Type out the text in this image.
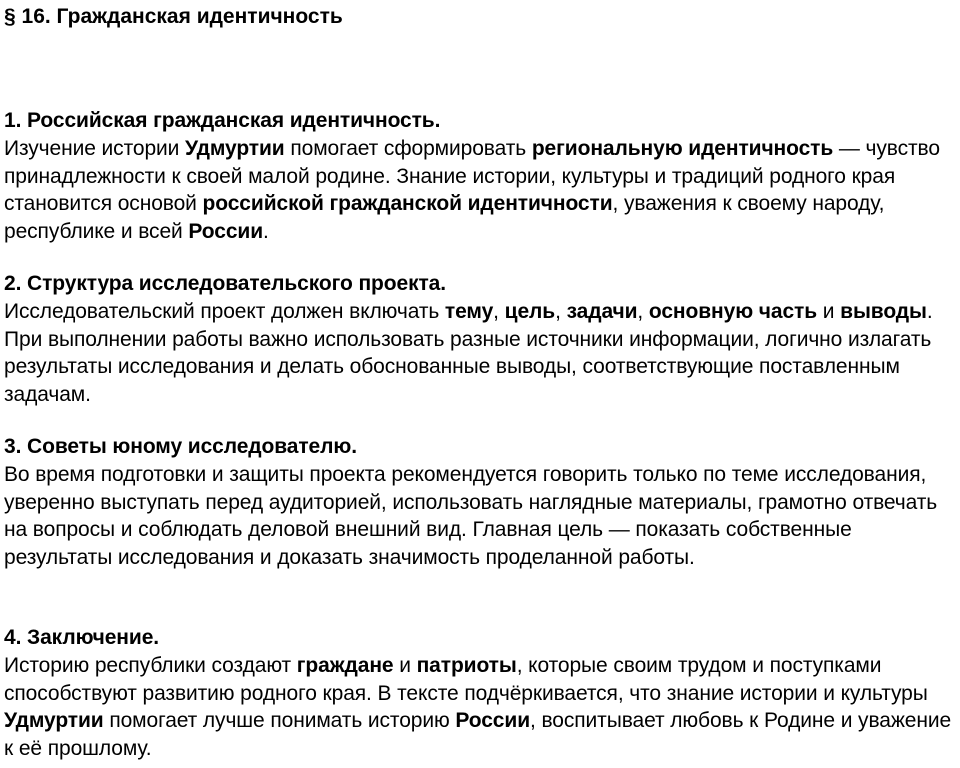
§ 16. Гражданская идентичность
1. Российская гражданская идентичность.

Изучение истории Удмуртии помогает сформировать региональную идентичность — чувство принадлежности к своей малой родине. Знание истории, культуры и традиций родного края становится основой российской гражданской идентичности, уважения к своему народу, республике и всей России.

2. Структура исследовательского проекта.

Исследовательский проект должен включать тему, цель, задачи, основную часть и выводы. При выполнении работы важно использовать разные источники информации, логично излагать результаты исследования и делать обоснованные выводы, соответствующие поставленным задачам.

3. Советы юному исследователю.

Во время подготовки и защиты проекта рекомендуется говорить только по теме исследования, уверенно выступать перед аудиторией, использовать наглядные материалы, грамотно отвечать на вопросы и соблюдать деловой внешний вид. Главная цель — показать собственные результаты исследования и доказать значимость проделанной работы.

4. Заключение.

Историю республики создают граждане и патриоты, которые своим трудом и поступками способствуют развитию родного края. В тексте подчёркивается, что знание истории и культуры Удмуртии помогает лучше понимать историю России, воспитывает любовь к Родине и уважение к её прошлому.
